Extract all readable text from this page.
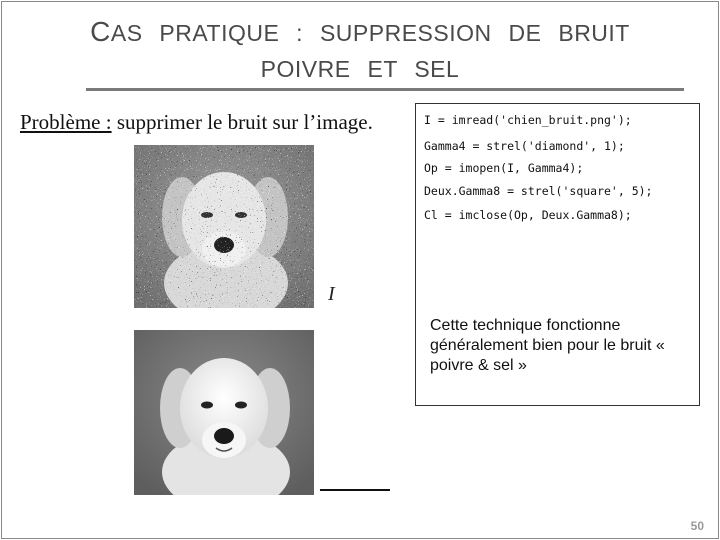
CAS PRATIQUE : SUPPRESSION DE BRUIT
POIVRE ET SEL
Problème : supprimer le bruit sur l’image.
I
I = imread('chien_bruit.png');
Gamma4 = strel('diamond', 1);
Op = imopen(I, Gamma4);
Deux.Gamma8 = strel('square', 5);
Cl = imclose(Op, Deux.Gamma8);
Cette technique fonctionne généralement bien pour le bruit « poivre & sel »
50
